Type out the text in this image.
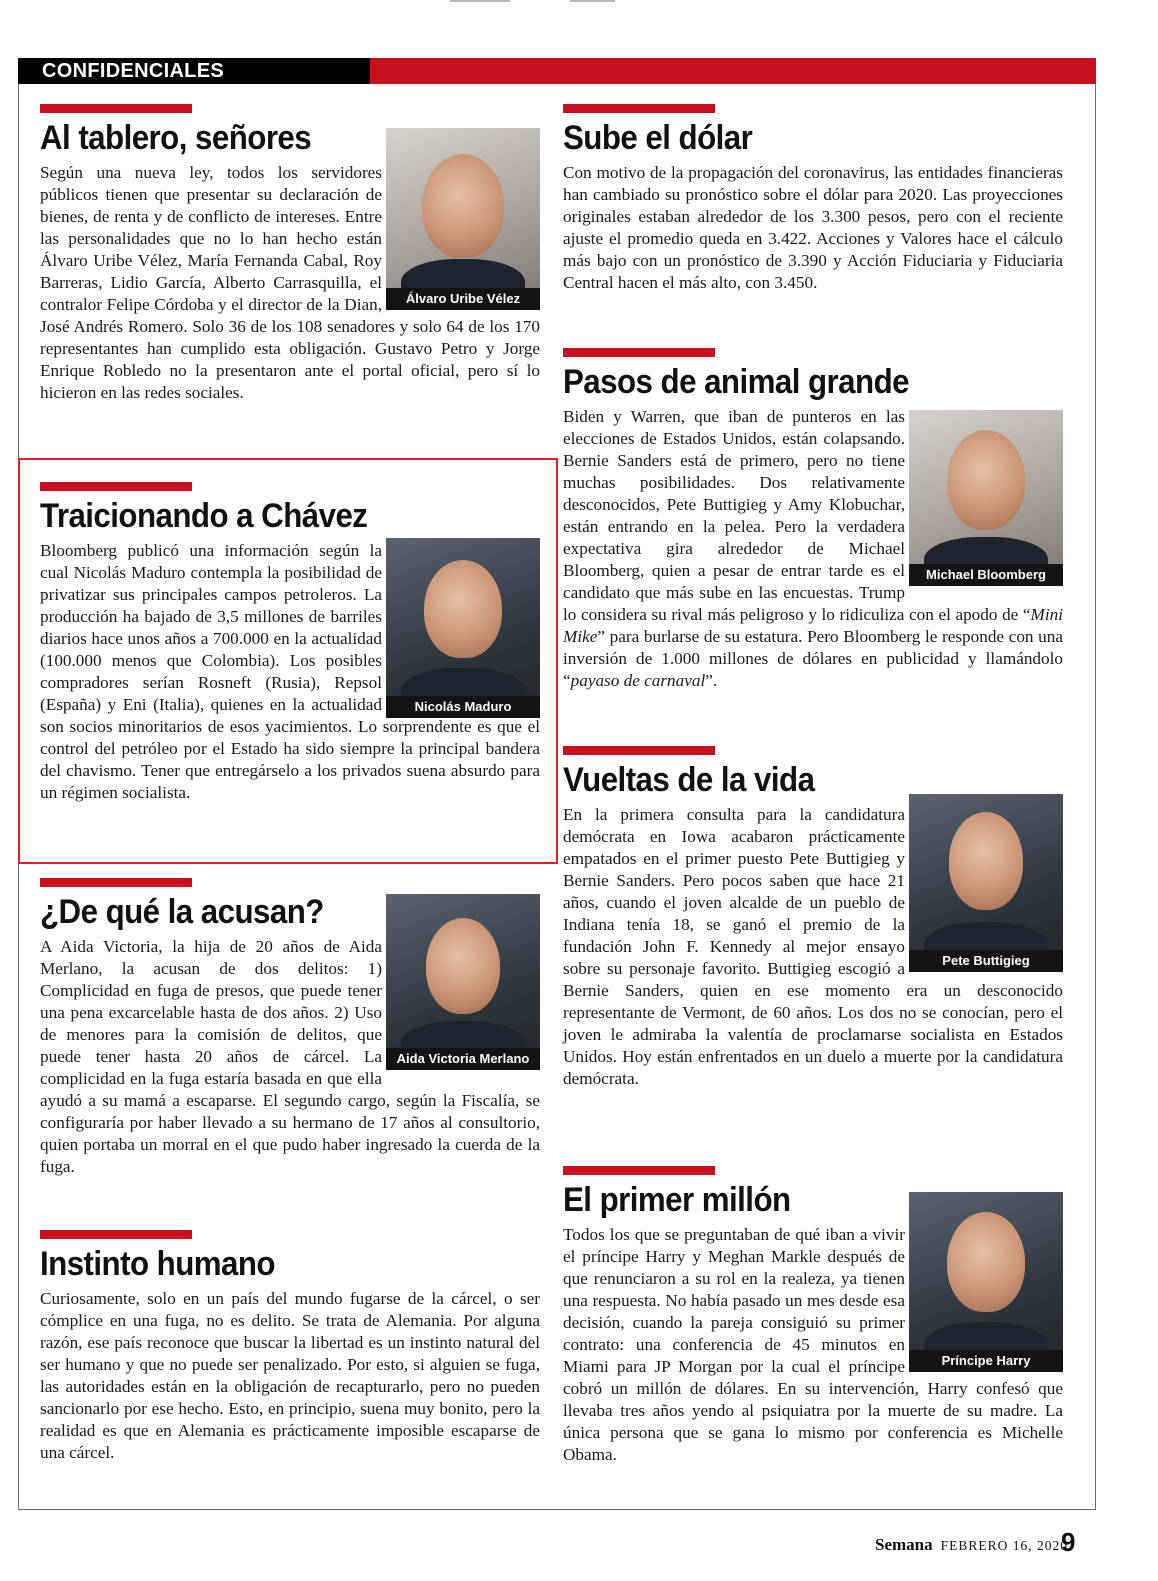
CONFIDENCIALES
Al tablero, señores
Álvaro Uribe Vélez
Según una nueva ley, todos los servidores públicos tienen que presentar su declaración de bienes, de renta y de conflicto de intereses. Entre las personalidades que no lo han hecho están Álvaro Uribe Vélez, María Fernanda Cabal, Roy Barreras, Lidio García, Alberto Carrasquilla, el contralor Felipe Córdoba y el director de la Dian, José Andrés Romero. Solo 36 de los 108 senadores y solo 64 de los 170 representantes han cumplido esta obligación. Gustavo Petro y Jorge Enrique Robledo no la presentaron ante el portal oficial, pero sí lo hicieron en las redes sociales.
Traicionando a Chávez
Nicolás Maduro
Bloomberg publicó una información según la cual Nicolás Maduro contempla la posibilidad de privatizar sus principales campos petroleros. La producción ha bajado de 3,5 millones de barriles diarios hace unos años a 700.000 en la actualidad (100.000 menos que Colombia). Los posibles compradores serían Rosneft (Rusia), Repsol (España) y Eni (Italia), quienes en la actualidad son socios minoritarios de esos yacimientos. Lo sorprendente es que el control del petróleo por el Estado ha sido siempre la principal bandera del chavismo. Tener que entregárselo a los privados suena absurdo para un régimen socialista.
¿De qué la acusan?
Aida Victoria Merlano
A Aida Victoria, la hija de 20 años de Aida Merlano, la acusan de dos delitos: 1) Complicidad en fuga de presos, que puede tener una pena excarcelable hasta de dos años. 2) Uso de menores para la comisión de delitos, que puede tener hasta 20 años de cárcel. La complicidad en la fuga estaría basada en que ella ayudó a su mamá a escaparse. El segundo cargo, según la Fiscalía, se configuraría por haber llevado a su hermano de 17 años al consultorio, quien portaba un morral en el que pudo haber ingresado la cuerda de la fuga.
Instinto humano
Curiosamente, solo en un país del mundo fugarse de la cárcel, o ser cómplice en una fuga, no es delito. Se trata de Alemania. Por alguna razón, ese país reconoce que buscar la libertad es un instinto natural del ser humano y que no puede ser penalizado. Por esto, si alguien se fuga, las autoridades están en la obligación de recapturarlo, pero no pueden sancionarlo por ese hecho. Esto, en principio, suena muy bonito, pero la realidad es que en Alemania es prácticamente imposible escaparse de una cárcel.
Sube el dólar
Con motivo de la propagación del coronavirus, las entidades financieras han cambiado su pronóstico sobre el dólar para 2020. Las proyecciones originales estaban alrededor de los 3.300 pesos, pero con el reciente ajuste el promedio queda en 3.422. Acciones y Valores hace el cálculo más bajo con un pronóstico de 3.390 y Acción Fiduciaria y Fiduciaria Central hacen el más alto, con 3.450.
Pasos de animal grande
Michael Bloomberg
Biden y Warren, que iban de punteros en las elecciones de Estados Unidos, están colapsando. Bernie Sanders está de primero, pero no tiene muchas posibilidades. Dos relativamente desconocidos, Pete Buttigieg y Amy Klobuchar, están entrando en la pelea. Pero la verdadera expectativa gira alrededor de Michael Bloomberg, quien a pesar de entrar tarde es el candidato que más sube en las encuestas. Trump lo considera su rival más peligroso y lo ridiculiza con el apodo de “Mini Mike” para burlarse de su estatura. Pero Bloomberg le responde con una inversión de 1.000 millones de dólares en publicidad y llamándolo “payaso de carnaval”.
Vueltas de la vida
Pete Buttigieg
En la primera consulta para la candidatura demócrata en Iowa acabaron prácticamente empatados en el primer puesto Pete Buttigieg y Bernie Sanders. Pero pocos saben que hace 21 años, cuando el joven alcalde de un pueblo de Indiana tenía 18, se ganó el premio de la fundación John F. Kennedy al mejor ensayo sobre su personaje favorito. Buttigieg escogió a Bernie Sanders, quien en ese momento era un desconocido representante de Vermont, de 60 años. Los dos no se conocían, pero el joven le admiraba la valentía de proclamarse socialista en Estados Unidos. Hoy están enfrentados en un duelo a muerte por la candidatura demócrata.
El primer millón
Príncipe Harry
Todos los que se preguntaban de qué iban a vivir el príncipe Harry y Meghan Markle después de que renunciaron a su rol en la realeza, ya tienen una respuesta. No había pasado un mes desde esa decisión, cuando la pareja consiguió su primer contrato: una conferencia de 45 minutos en Miami para JP Morgan por la cual el príncipe cobró un millón de dólares. En su intervención, Harry confesó que llevaba tres años yendo al psiquiatra por la muerte de su madre. La única persona que se gana lo mismo por conferencia es Michelle Obama.
Semana FEBRERO 16, 2020
9
